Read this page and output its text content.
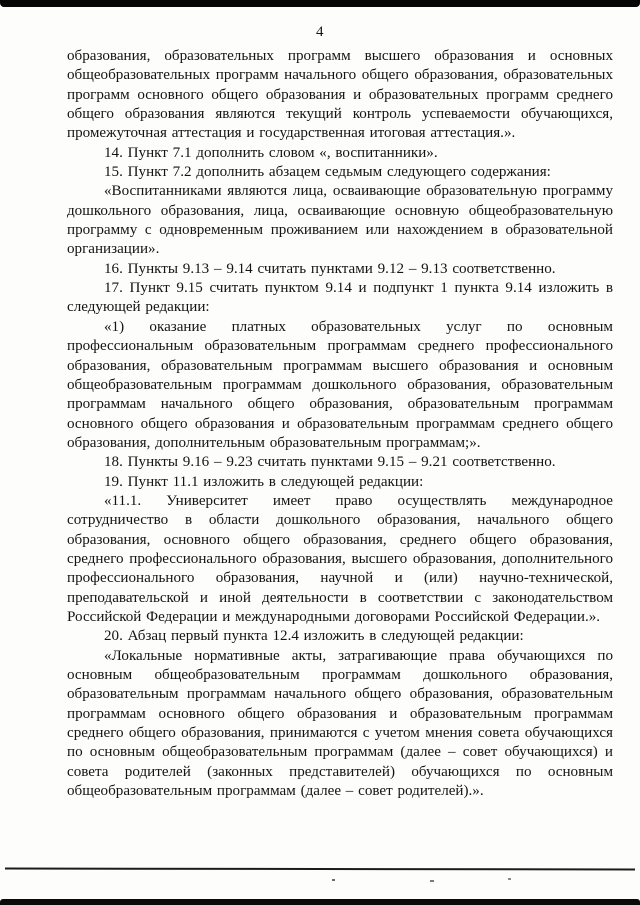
4

образования, образовательных программ высшего образования и основных общеобразовательных программ начального общего образования, образовательных программ основного общего образования и образовательных программ среднего общего образования являются текущий контроль успеваемости обучающихся, промежуточная аттестация и государственная итоговая аттестация.».

14. Пункт 7.1 дополнить словом «, воспитанники».

15. Пункт 7.2 дополнить абзацем седьмым следующего содержания:

«Воспитанниками являются лица, осваивающие образовательную программу дошкольного образования, лица, осваивающие основную общеобразовательную программу с одновременным проживанием или нахождением в образовательной организации».

16. Пункты 9.13 – 9.14 считать пунктами 9.12 – 9.13 соответственно.

17. Пункт 9.15 считать пунктом 9.14 и подпункт 1 пункта 9.14 изложить в следующей редакции:

«1) оказание платных образовательных услуг по основным профессиональным образовательным программам среднего профессионального образования, образовательным программам высшего образования и основным общеобразовательным программам дошкольного образования, образовательным программам начального общего образования, образовательным программам основного общего образования и образовательным программам среднего общего образования, дополнительным образовательным программам;».

18. Пункты 9.16 – 9.23 считать пунктами 9.15 – 9.21 соответственно.

19. Пункт 11.1 изложить в следующей редакции:

«11.1. Университет имеет право осуществлять международное сотрудничество в области дошкольного образования, начального общего образования, основного общего образования, среднего общего образования, среднего профессионального образования, высшего образования, дополнительного профессионального образования, научной и (или) научно-технической, преподавательской и иной деятельности в соответствии с законодательством Российской Федерации и международными договорами Российской Федерации.».

20. Абзац первый пункта 12.4 изложить в следующей редакции:

«Локальные нормативные акты, затрагивающие права обучающихся по основным общеобразовательным программам дошкольного образования, образовательным программам начального общего образования, образовательным программам основного общего образования и образовательным программам среднего общего образования, принимаются с учетом мнения совета обучающихся по основным общеобразовательным программам (далее – совет обучающихся) и совета родителей (законных представителей) обучающихся по основным общеобразовательным программам (далее – совет родителей).».
